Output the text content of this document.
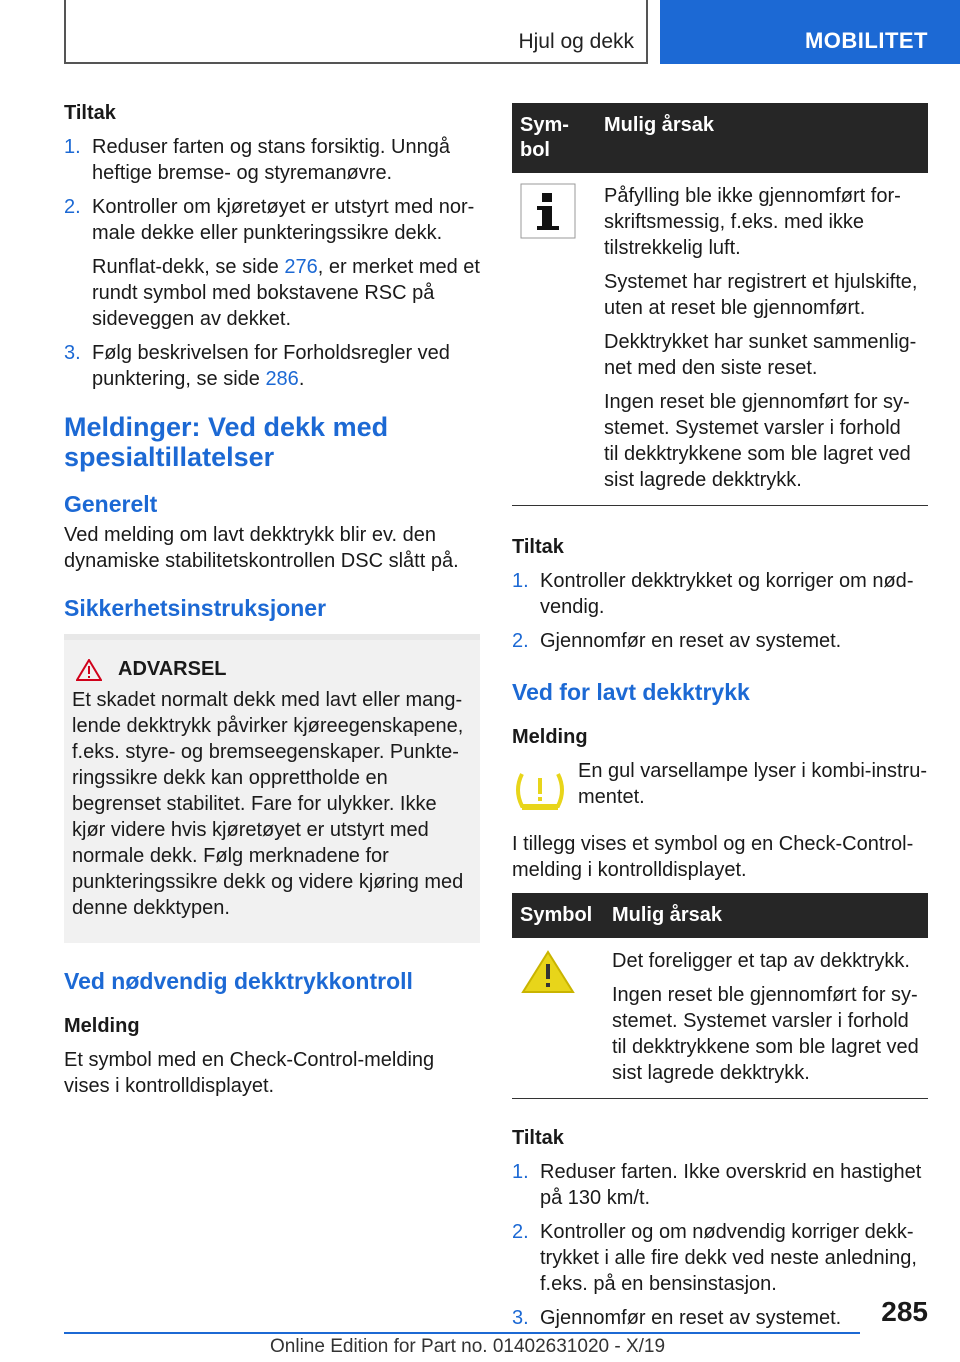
Hjul og dekk	MOBILITET
Tiltak
1. Reduser farten og stans forsiktig. Unngå heftige bremse- og styremanøvre.
2. Kontroller om kjøretøyet er utstyrt med normale dekke eller punkteringssikre dekk.
Runflat-dekk, se side 276, er merket med et rundt symbol med bokstavene RSC på sideveggen av dekket.
3. Følg beskrivelsen for Forholdsregler ved punktering, se side 286.
Meldinger: Ved dekk med spesialtillatelser
Generelt
Ved melding om lavt dekktrykk blir ev. den dynamiske stabilitetskontrollen DSC slått på.
Sikkerhetsinstruksjoner
ADVARSEL
Et skadet normalt dekk med lavt eller manglende dekktrykk påvirker kjøreegenskapene, f.eks. styre- og bremseegenskaper. Punkteringssikre dekk kan opprettholde en begrenset stabilitet. Fare for ulykker. Ikke kjør videre hvis kjøretøyet er utstyrt med normale dekk. Følg merknadene for punkteringssikre dekk og videre kjøring med denne dekktypen.
Ved nødvendig dekktrykkontroll
Melding
Et symbol med en Check-Control-melding vises i kontrolldisplayet.
Symbol	Mulig årsak

Påfylling ble ikke gjennomført forskriftsmessig, f.eks. med ikke tilstrekkelig luft.
Systemet har registrert et hjulskifte, uten at reset ble gjennomført.
Dekktrykket har sunket sammenlignet med den siste reset.
Ingen reset ble gjennomført for systemet. Systemet varsler i forhold til dekktrykkene som ble lagret ved sist lagrede dekktrykk.
Tiltak
1. Kontroller dekktrykket og korriger om nødvendig.
2. Gjennomfør en reset av systemet.
Ved for lavt dekktrykk
Melding
En gul varsellampe lyser i kombi-instrumentet.
I tillegg vises et symbol og en Check-Control-melding i kontrolldisplayet.
Symbol	Mulig årsak

Det foreligger et tap av dekktrykk.
Ingen reset ble gjennomført for systemet. Systemet varsler i forhold til dekktrykkene som ble lagret ved sist lagrede dekktrykk.
Tiltak
1. Reduser farten. Ikke overskrid en hastighet på 130 km/t.
2. Kontroller og om nødvendig korriger dekktrykket i alle fire dekk ved neste anledning, f.eks. på en bensinstasjon.
3. Gjennomfør en reset av systemet.	285
Online Edition for Part no. 01402631020 - X/19
